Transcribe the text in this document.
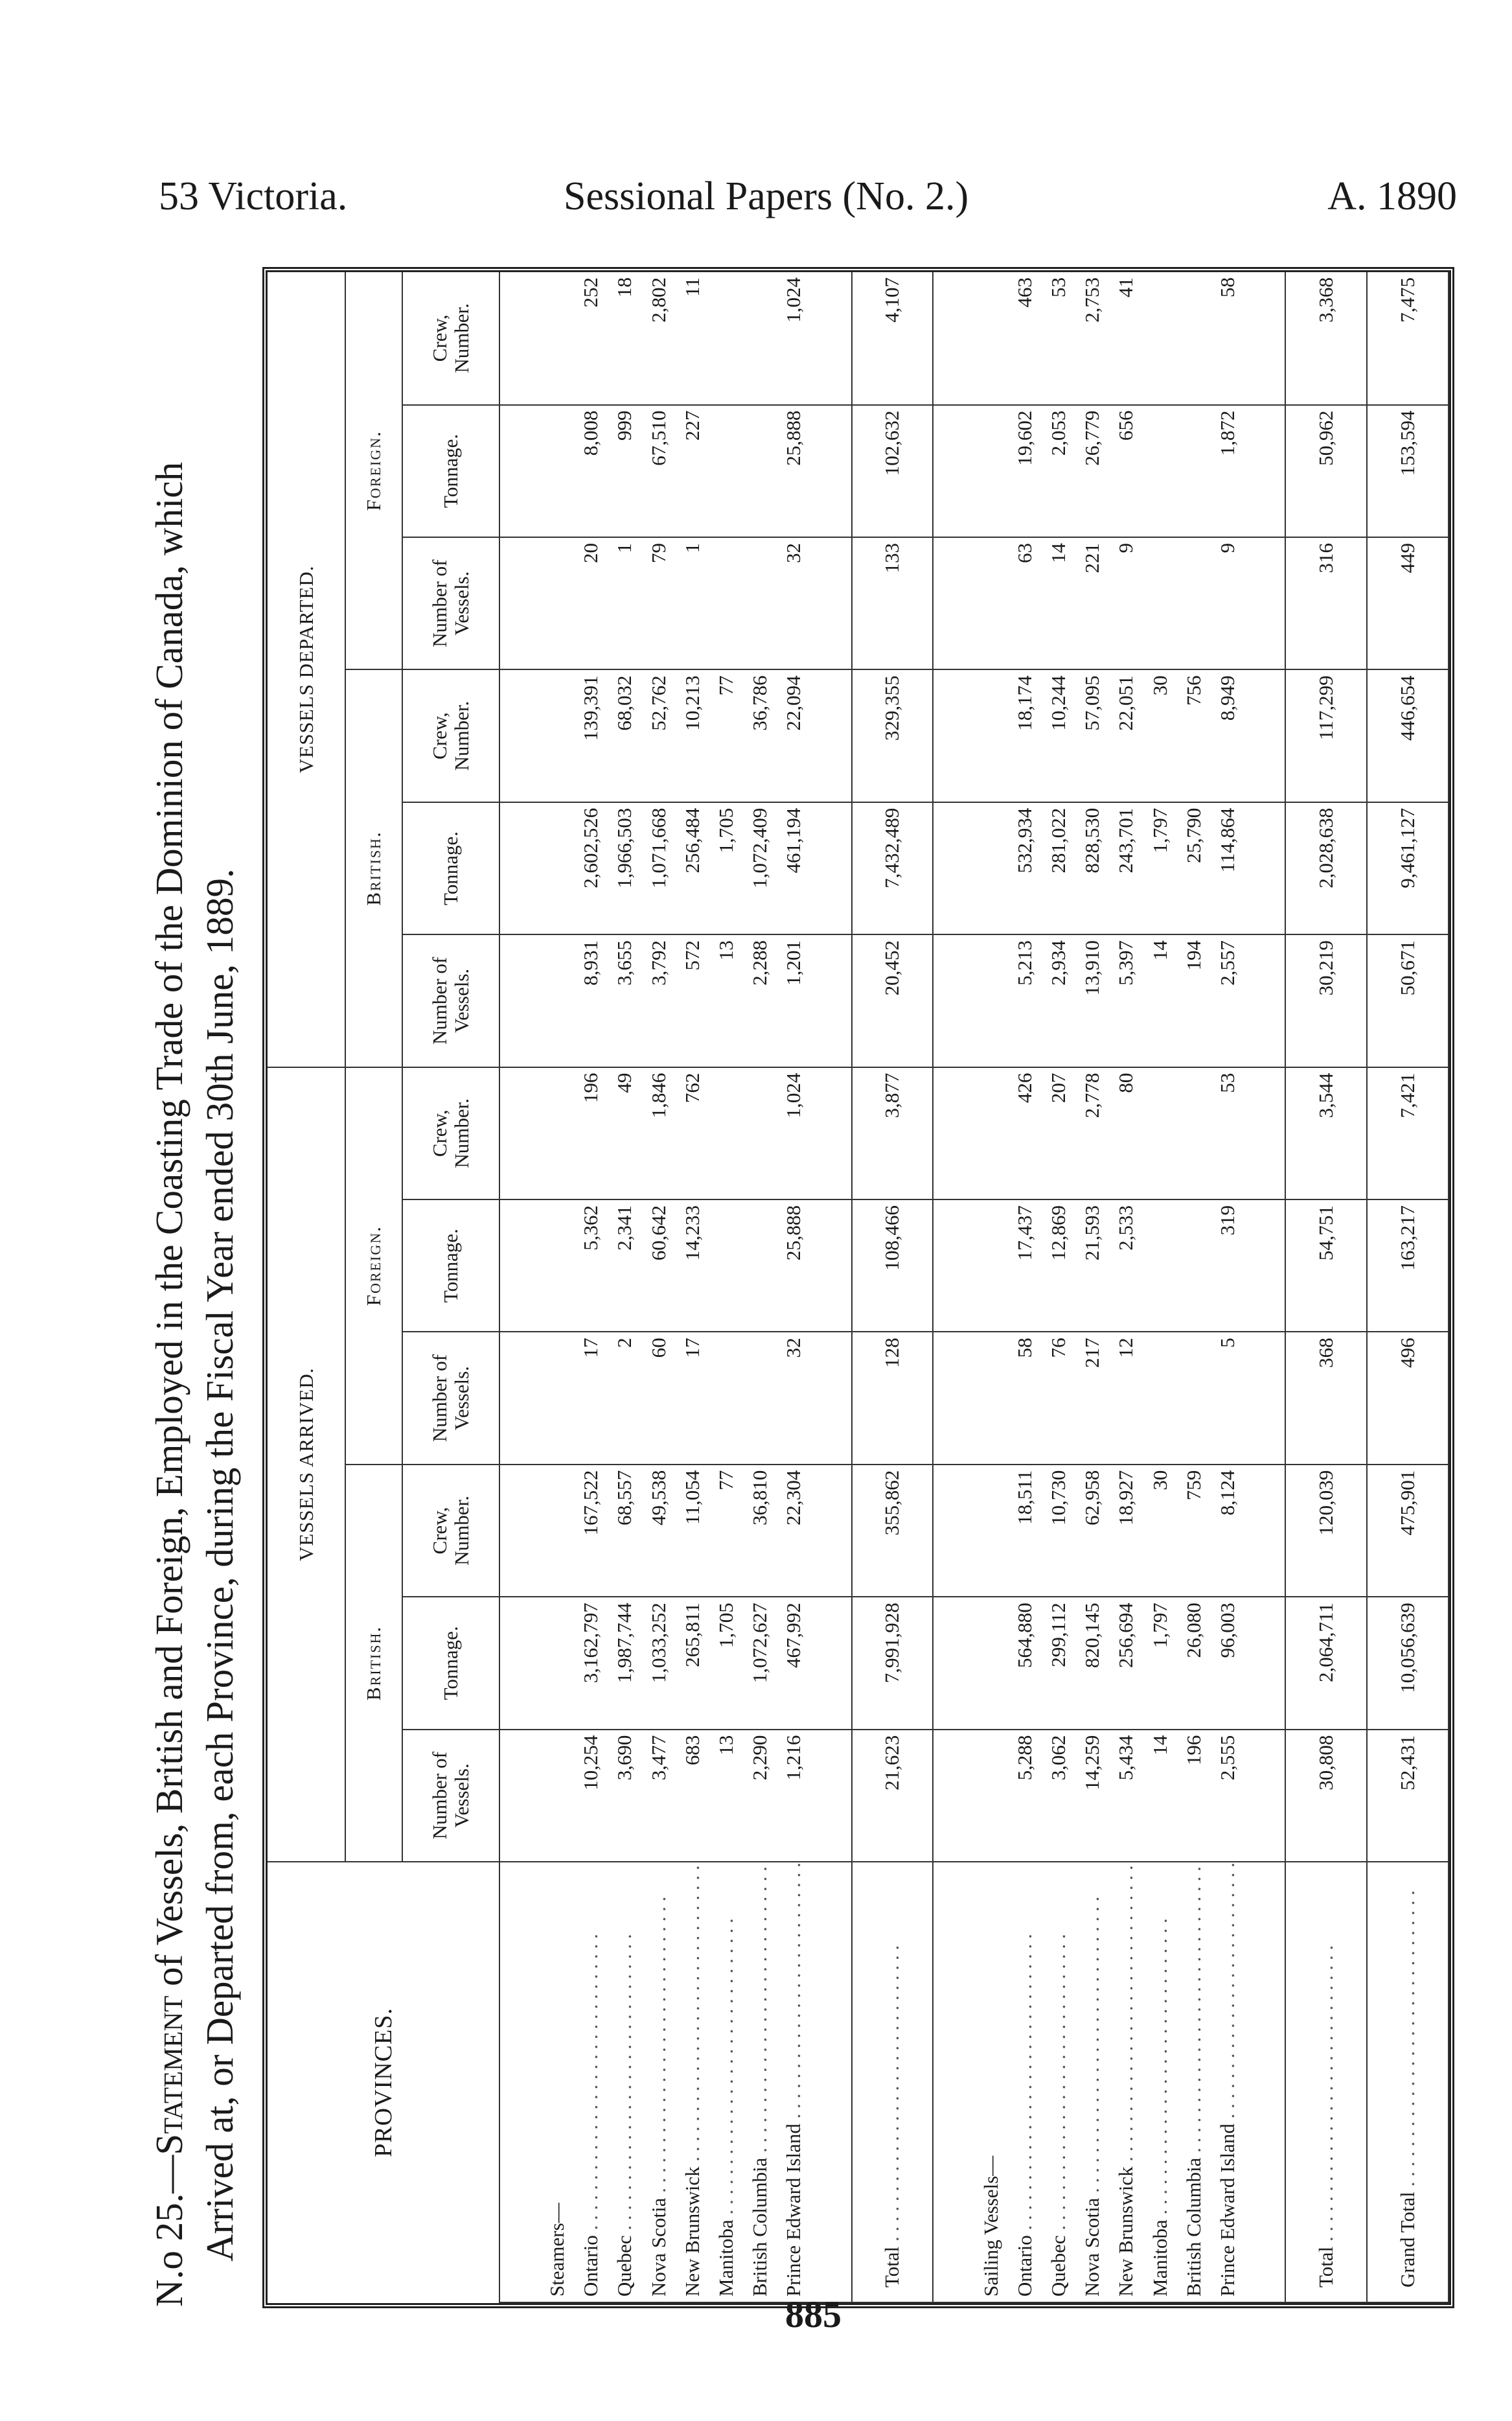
53 Victoria.	Sessional Papers (No. 2.)	A. 1890
N.o 25.—Statement of Vessels, British and Foreign, Employed in the Coasting Trade of the Dominion of Canada, which Arrived at, or Departed from, each Province, during the Fiscal Year ended 30th June, 1889.	PROVINCES.	VESSELS ARRIVED.						VESSELS DEPARTED.					
	British.			Foreign.			British.			Foreign.		
	Number of Vessels.	Tonnage.	Crew, Number.	Number of Vessels.	Tonnage.	Crew, Number.	Number of Vessels.	Tonnage.	Crew, Number.	Number of Vessels.	Tonnage.	Crew, Number.

Steamers—												
Ontario . . .	10,254	3,162,797	167,522	17	5,362	196	8,931	2,602,526	139,391	20	8,008	252
Quebec . . .	3,690	1,987,744	68,557	2	2,341	49	3,655	1,966,503	68,032	1	999	18
Nova Scotia . . .	3,477	1,033,252	49,538	60	60,642	1,846	3,792	1,071,668	52,762	79	67,510	2,802
New Brunswick . . .	683	265,811	11,054	17	14,233	762	572	256,484	10,213	1	227	11
Manitoba . . .	13	1,705	77				13	1,705	77			
British Columbia . . .	2,290	1,072,627	36,810				2,288	1,072,409	36,786			
Prince Edward Island . . .	1,216	467,992	22,304	32	25,888	1,024	1,201	461,194	22,094	32	25,888	1,024

Total . . .	21,623	7,991,928	355,862	128	108,466	3,877	20,452	7,432,489	329,355	133	102,632	4,107

Sailing Vessels—												
Ontario . . .	5,288	564,880	18,511	58	17,437	426	5,213	532,934	18,174	63	19,602	463
Quebec . . .	3,062	299,112	10,730	76	12,869	207	2,934	281,022	10,244	14	2,053	53
Nova Scotia . . .	14,259	820,145	62,958	217	21,593	2,778	13,910	828,530	57,095	221	26,779	2,753
New Brunswick . . .	5,434	256,694	18,927	12	2,533	80	5,397	243,701	22,051	9	656	41
Manitoba . . .	14	1,797	30				14	1,797	30			
British Columbia . . .	196	26,080	759				194	25,790	756			
Prince Edward Island . . .	2,555	96,003	8,124	5	319	53	2,557	114,864	8,949	9	1,872	58

Total . . .	30,808	2,064,711	120,039	368	54,751	3,544	30,219	2,028,638	117,299	316	50,962	3,368
Grand Total . . .	52,431	10,056,639	475,901	496	163,217	7,421	50,671	9,461,127	446,654	449	153,594	7,475
885
